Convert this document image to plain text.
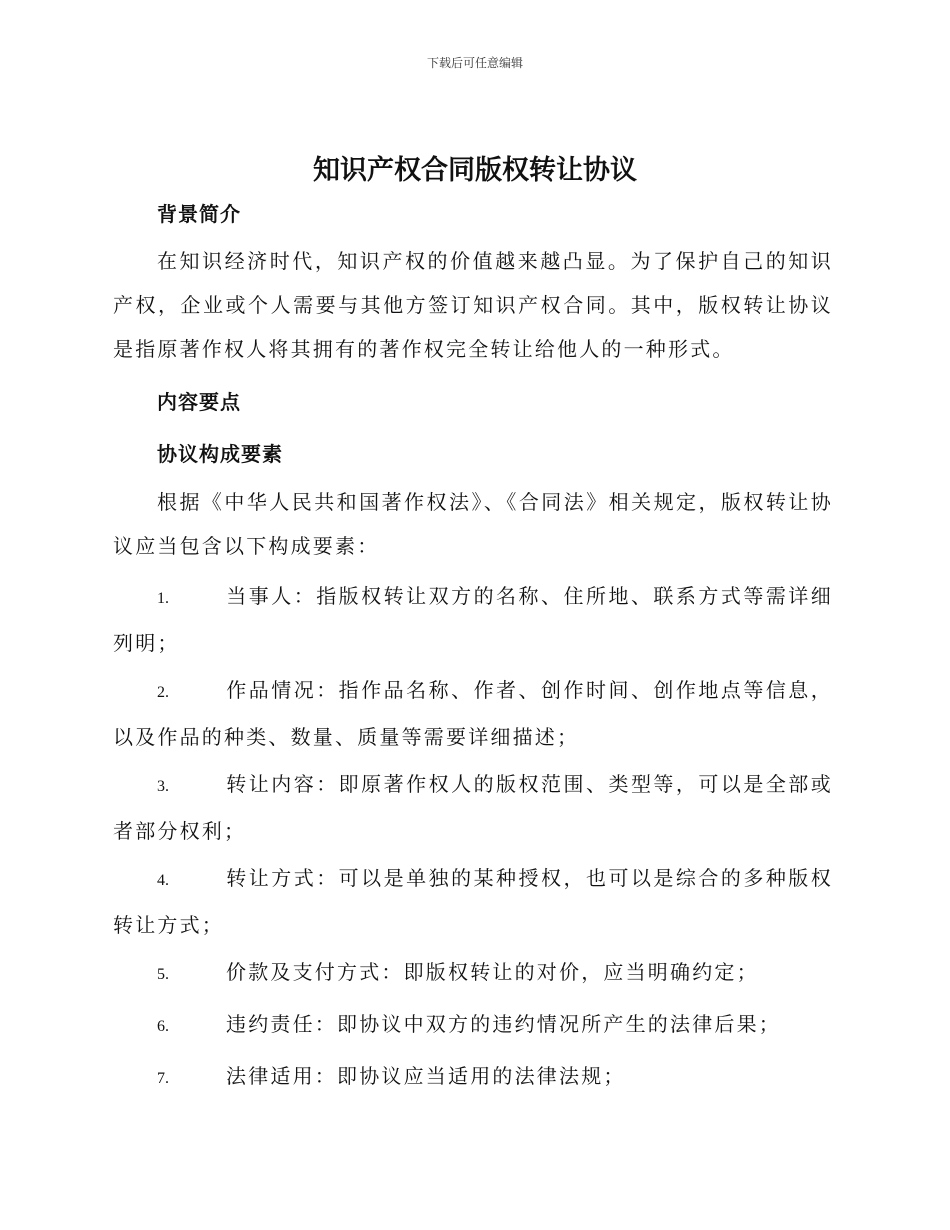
下载后可任意编辑
知识产权合同版权转让协议
背景简介
在知识经济时代，知识产权的价值越来越凸显。为了保护自己的知识产权，企业或个人需要与其他方签订知识产权合同。其中，版权转让协议是指原著作权人将其拥有的著作权完全转让给他人的一种形式。
内容要点
协议构成要素
根据《中华人民共和国著作权法》、《合同法》相关规定，版权转让协议应当包含以下构成要素：
1.	当事人：指版权转让双方的名称、住所地、联系方式等需详细列明；
2.	作品情况：指作品名称、作者、创作时间、创作地点等信息，以及作品的种类、数量、质量等需要详细描述；
3.	转让内容：即原著作权人的版权范围、类型等，可以是全部或者部分权利；
4.	转让方式：可以是单独的某种授权，也可以是综合的多种版权转让方式；
5.	价款及支付方式：即版权转让的对价，应当明确约定；
6.	违约责任：即协议中双方的违约情况所产生的法律后果；
7.	法律适用：即协议应当适用的法律法规；
